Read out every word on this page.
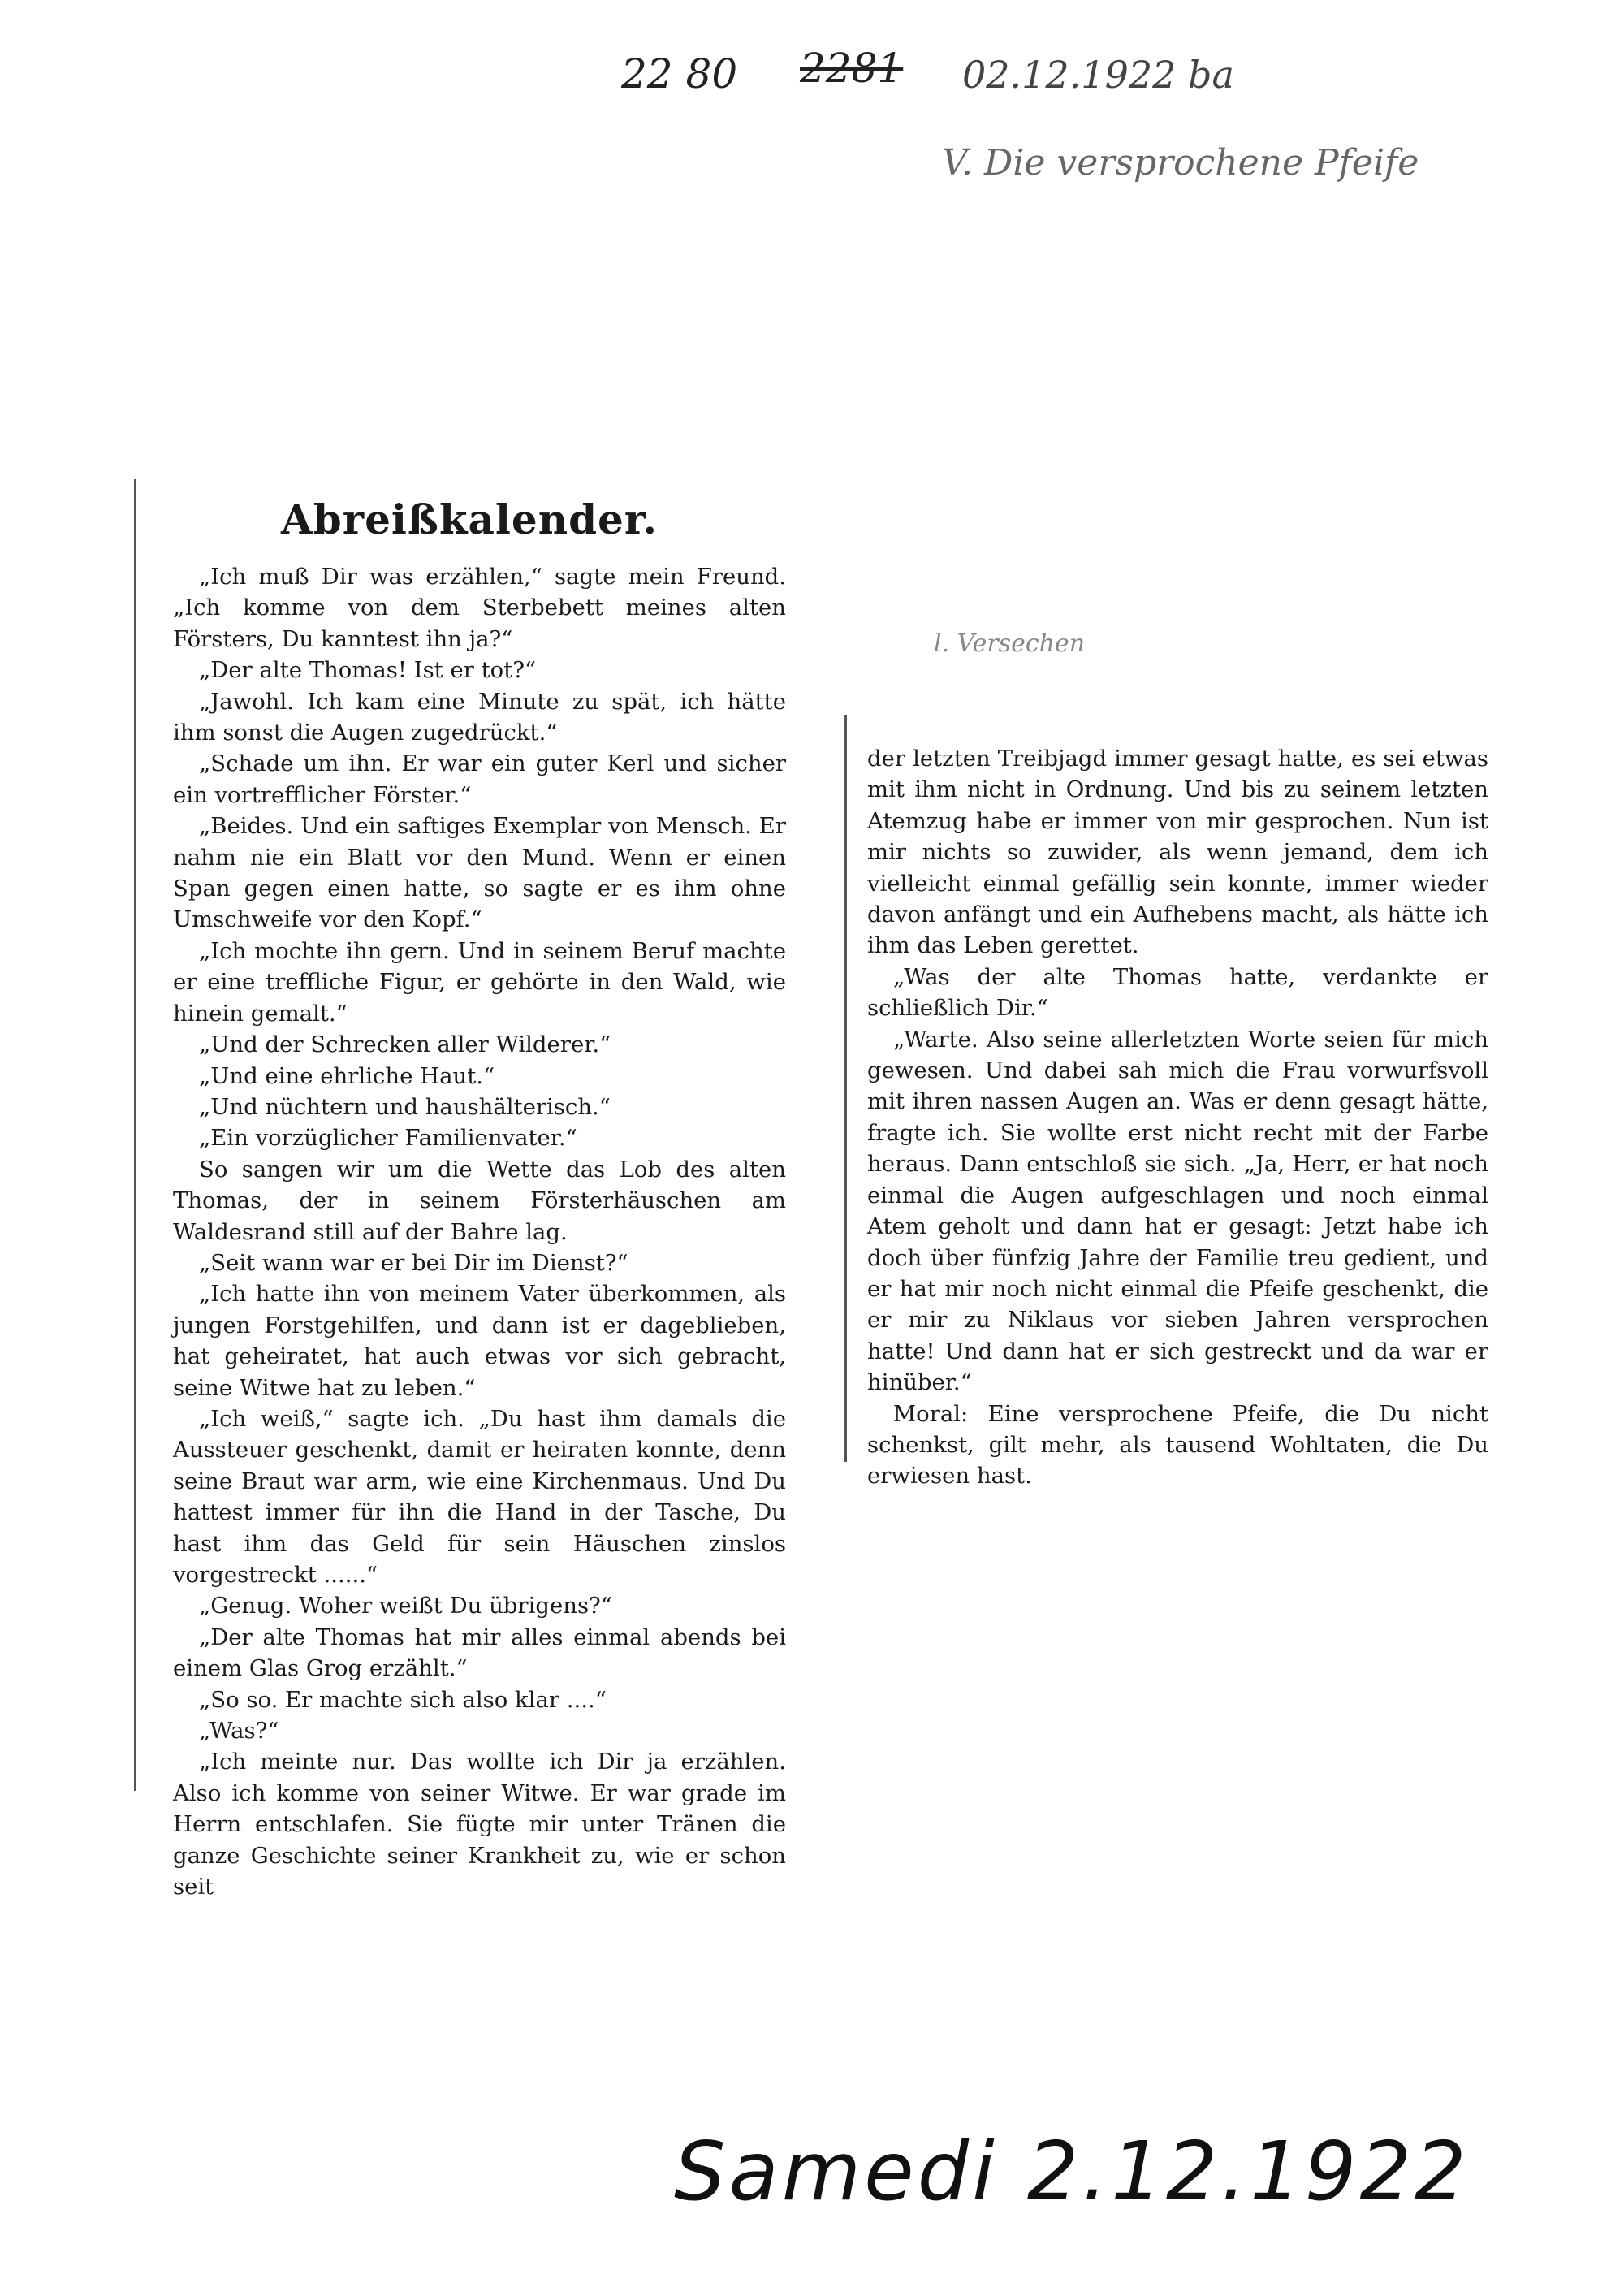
22 80 2281 02.12.1922 ba
V. Die versprochene Pfeife
l. Versechen
Abreißkalender.

„Ich muß Dir was erzählen,“ sagte mein Freund. „Ich komme von dem Sterbebett meines alten Försters, Du kanntest ihn ja?“

„Der alte Thomas! Ist er tot?“

„Jawohl. Ich kam eine Minute zu spät, ich hätte ihm sonst die Augen zugedrückt.“

„Schade um ihn. Er war ein guter Kerl und sicher ein vortrefflicher Förster.“

„Beides. Und ein saftiges Exemplar von Mensch. Er nahm nie ein Blatt vor den Mund. Wenn er einen Span gegen einen hatte, so sagte er es ihm ohne Umschweife vor den Kopf.“

„Ich mochte ihn gern. Und in seinem Beruf machte er eine treffliche Figur, er gehörte in den Wald, wie hinein gemalt.“

„Und der Schrecken aller Wilderer.“

„Und eine ehrliche Haut.“

„Und nüchtern und haushälterisch.“

„Ein vorzüglicher Familienvater.“

So sangen wir um die Wette das Lob des alten Thomas, der in seinem Försterhäuschen am Waldesrand still auf der Bahre lag.

„Seit wann war er bei Dir im Dienst?“

„Ich hatte ihn von meinem Vater überkommen, als jungen Forstgehilfen, und dann ist er dageblieben, hat geheiratet, hat auch etwas vor sich gebracht, seine Witwe hat zu leben.“

„Ich weiß,“ sagte ich. „Du hast ihm damals die Aussteuer geschenkt, damit er heiraten konnte, denn seine Braut war arm, wie eine Kirchenmaus. Und Du hattest immer für ihn die Hand in der Tasche, Du hast ihm das Geld für sein Häuschen zinslos vorgestreckt ......“

„Genug. Woher weißt Du übrigens?“

„Der alte Thomas hat mir alles einmal abends bei einem Glas Grog erzählt.“

„So so. Er machte sich also klar ....“

„Was?“

„Ich meinte nur. Das wollte ich Dir ja erzählen. Also ich komme von seiner Witwe. Er war grade im Herrn entschlafen. Sie fügte mir unter Tränen die ganze Geschichte seiner Krankheit zu, wie er schon seit

der letzten Treibjagd immer gesagt hatte, es sei etwas mit ihm nicht in Ordnung. Und bis zu seinem letzten Atemzug habe er immer von mir gesprochen. Nun ist mir nichts so zuwider, als wenn jemand, dem ich vielleicht einmal gefällig sein konnte, immer wieder davon anfängt und ein Aufhebens macht, als hätte ich ihm das Leben gerettet.

„Was der alte Thomas hatte, verdankte er schließlich Dir.“

„Warte. Also seine allerletzten Worte seien für mich gewesen. Und dabei sah mich die Frau vorwurfsvoll mit ihren nassen Augen an. Was er denn gesagt hätte, fragte ich. Sie wollte erst nicht recht mit der Farbe heraus. Dann entschloß sie sich. „Ja, Herr, er hat noch einmal die Augen aufgeschlagen und noch einmal Atem geholt und dann hat er gesagt: Jetzt habe ich doch über fünfzig Jahre der Familie treu gedient, und er hat mir noch nicht einmal die Pfeife geschenkt, die er mir zu Niklaus vor sieben Jahren versprochen hatte! Und dann hat er sich gestreckt und da war er hinüber.“

Moral: Eine versprochene Pfeife, die Du nicht schenkst, gilt mehr, als tausend Wohltaten, die Du erwiesen hast.

Samedi 2.12.1922
